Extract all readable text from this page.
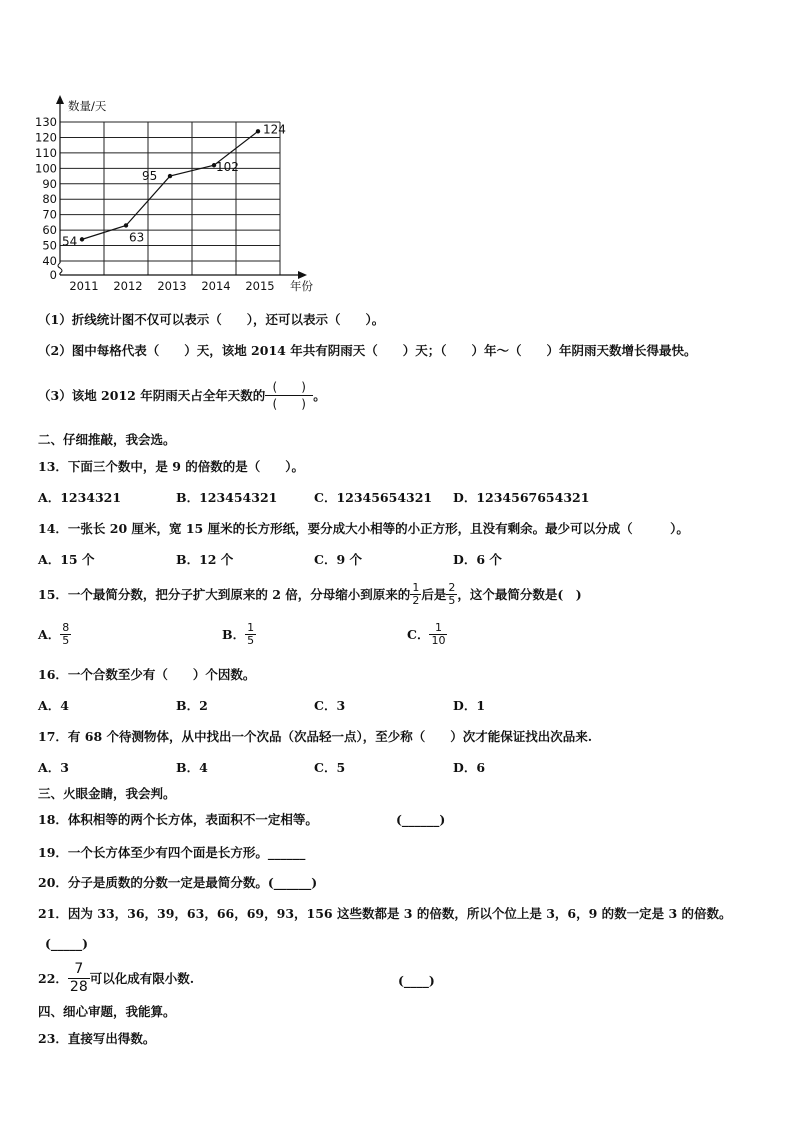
0
40
50
60
70
80
90
100
110
120
130
数量/天
2011 2012 2013 2014 2015 年份
54	63
95
102
124
（1）折线统计图不仅可以表示（　　），还可以表示（　　）。
（2）图中每格代表（　　）天，该地 2014 年共有阴雨天（　　）天；（　　）年～（　　）年阴雨天数增长得最快。
（3）该地 2012 年阴雨天占全年天数的 $\frac{( )}{( )}$ 。
二、仔细推敲，我会选。
13．下面三个数中，是 9 的倍数的是（　　）。
A．1234321	B．123454321	C．12345654321 D．1234567654321
14．一张长 20 厘米，宽 15 厘米的长方形纸，要分成大小相等的小正方形，且没有剩余。最少可以分成（　　　）。
A．15 个	B．12 个	C．9 个	D．6 个
15．一个最简分数，把分子扩大到原来的 2 倍，分母缩小到原来的 $\frac{1}{2}$ 后是 $\frac{2}{5}$ ，这个最简分数是(　)
A． $\frac{8}{5}$	B． $\frac{1}{5}$	C． $\frac{1}{10}$
16．一个合数至少有（　　）个因数。
A．4	B．2	C．3	D．1
17．有 68 个待测物体，从中找出一个次品（次品轻一点），至少称（　　）次才能保证找出次品来.
A．3	B．4	C．5	D．6
三、火眼金睛，我会判。
18．体积相等的两个长方体，表面积不一定相等。	(______)
19．一个长方体至少有四个面是长方形。______
20．分子是质数的分数一定是最简分数。(______)
21．因为 33，36，39，63，66，69，93，156 这些数都是 3 的倍数，所以个位上是 3，6，9 的数一定是 3 的倍数。
(_____)
22． $\frac{7}{28}$ 可以化成有限小数.	(____)
四、细心审题，我能算。
23．直接写出得数。
